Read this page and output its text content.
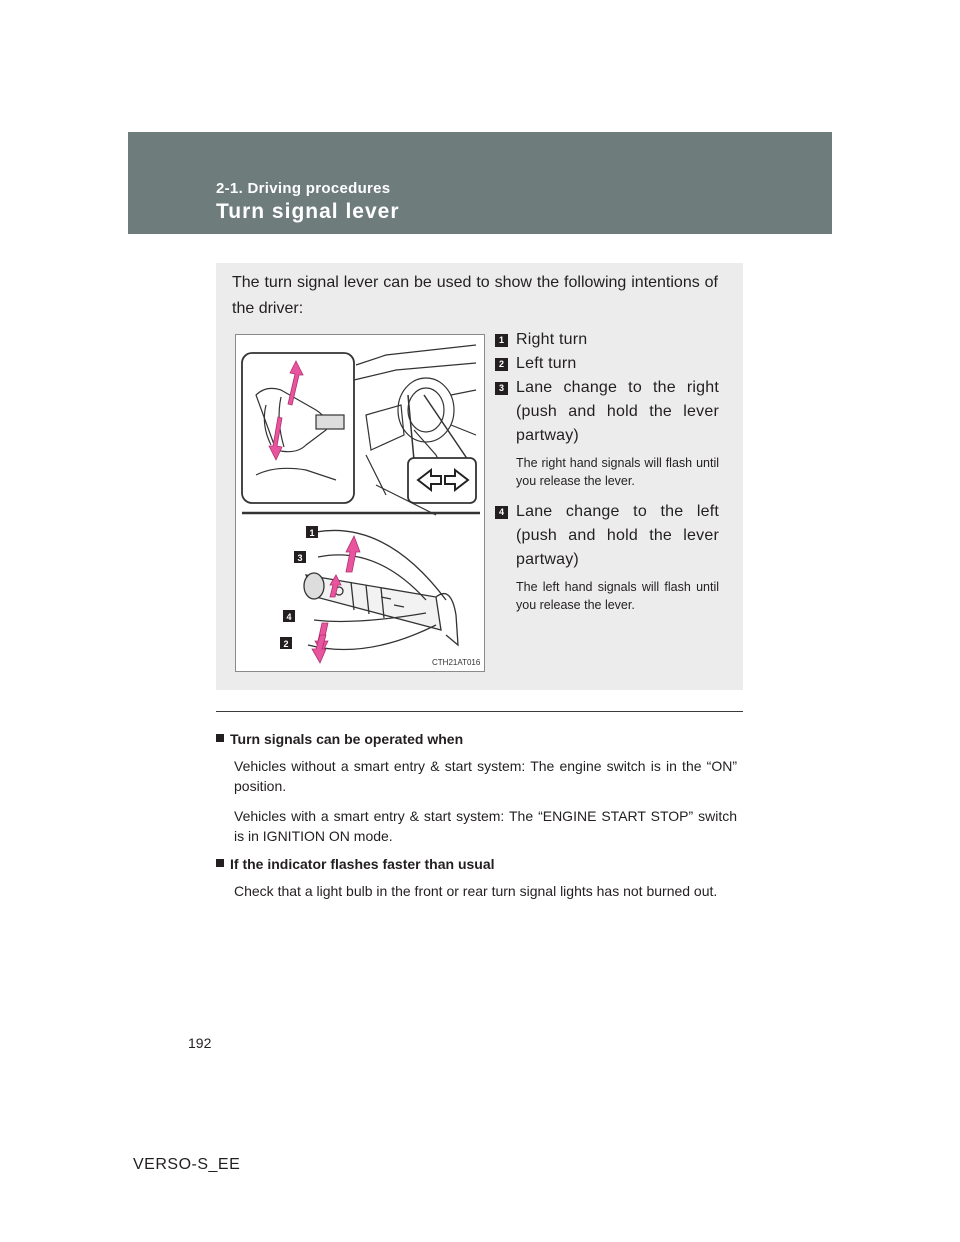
2-1. Driving procedures

Turn signal lever

The turn signal lever can be used to show the following intentions of the driver:

1
3
4
2
CTH21AT016
1 Right turn

2 Left turn

3 Lane change to the right (push and hold the lever partway)

The right hand signals will flash until you release the lever.

4 Lane change to the left (push and hold the lever partway)

The left hand signals will flash until you release the lever.

Turn signals can be operated when

Vehicles without a smart entry & start system: The engine switch is in the “ON” position.

Vehicles with a smart entry & start system: The “ENGINE START STOP” switch is in IGNITION ON mode.

If the indicator flashes faster than usual

Check that a light bulb in the front or rear turn signal lights has not burned out.

192

VERSO-S_EE
